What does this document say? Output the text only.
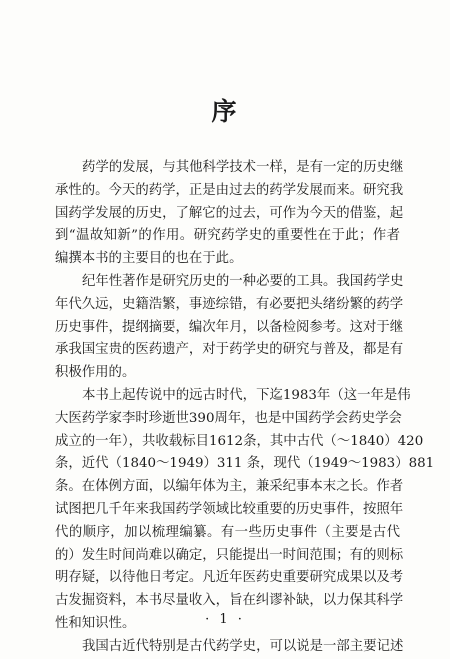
序
药学的发展，与其他科学技术一样，是有一定的历史继
承性的。今天的药学，正是由过去的药学发展而来。研究我
国药学发展的历史，了解它的过去，可作为今天的借鉴，起
到“温故知新”的作用。研究药学史的重要性在于此；作者
编撰本书的主要目的也在于此。
纪年性著作是研究历史的一种必要的工具。我国药学史
年代久远，史籍浩繁，事迹综错，有必要把头绪纷繁的药学
历史事件，提纲摘要，编次年月，以备检阅参考。这对于继
承我国宝贵的医药遗产，对于药学史的研究与普及，都是有
积极作用的。
本书上起传说中的远古时代，下迄1983年（这一年是伟
大医药学家李时珍逝世390周年，也是中国药学会药史学会
成立的一年），共收载标目1612条，其中古代（～1840）420
条，近代（1840～1949）311 条，现代（1949～1983）881
条。在体例方面，以编年体为主，兼采纪事本末之长。作者
试图把几千年来我国药学领域比较重要的历史事件，按照年
代的顺序，加以梳理编纂。有一些历史事件（主要是古代
的）发生时间尚难以确定，只能提出一时间范围；有的则标
明存疑，以待他日考定。凡近年医药史重要研究成果以及考
古发掘资料，本书尽量收入，旨在纠谬补缺，以力保其科学
性和知识性。
我国古近代特别是古代药学史，可以说是一部主要记述
· 1 ·
